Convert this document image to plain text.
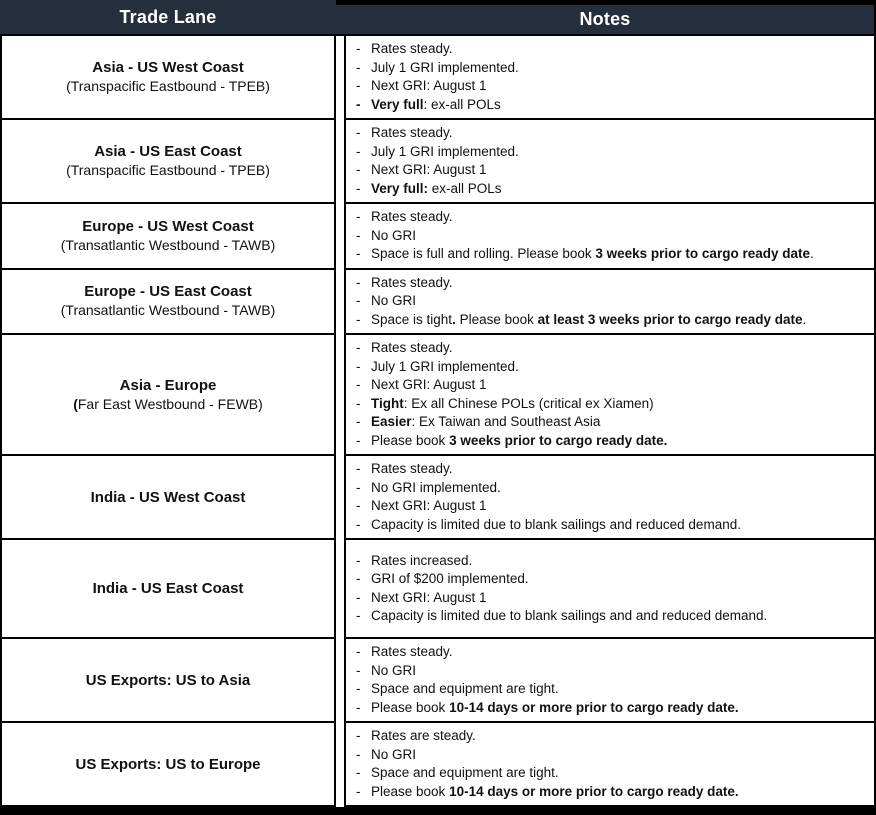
Trade Lane	Notes
Asia - US West Coast
(Transpacific Eastbound - TPEB)
- Rates steady.
- July 1 GRI implemented.
- Next GRI: August 1
- Very full: ex-all POLs
Asia - US East Coast
(Transpacific Eastbound - TPEB)
- Rates steady.
- July 1 GRI implemented.
- Next GRI: August 1
- Very full: ex-all POLs
Europe - US West Coast
(Transatlantic Westbound - TAWB)
- Rates steady.
- No GRI
- Space is full and rolling. Please book 3 weeks prior to cargo ready date.
Europe - US East Coast
(Transatlantic Westbound - TAWB)
- Rates steady.
- No GRI
- Space is tight. Please book at least 3 weeks prior to cargo ready date.
Asia - Europe
(Far East Westbound - FEWB)
- Rates steady.
- July 1 GRI implemented.
- Next GRI: August 1
- Tight: Ex all Chinese POLs (critical ex Xiamen)
- Easier: Ex Taiwan and Southeast Asia
- Please book 3 weeks prior to cargo ready date.
India - US West Coast
- Rates steady.
- No GRI implemented.
- Next GRI: August 1
- Capacity is limited due to blank sailings and reduced demand.
India - US East Coast
- Rates increased.
- GRI of $200 implemented.
- Next GRI: August 1
- Capacity is limited due to blank sailings and and reduced demand.
US Exports: US to Asia
- Rates steady.
- No GRI
- Space and equipment are tight.
- Please book 10-14 days or more prior to cargo ready date.
US Exports: US to Europe
- Rates are steady.
- No GRI
- Space and equipment are tight.
- Please book 10-14 days or more prior to cargo ready date.
